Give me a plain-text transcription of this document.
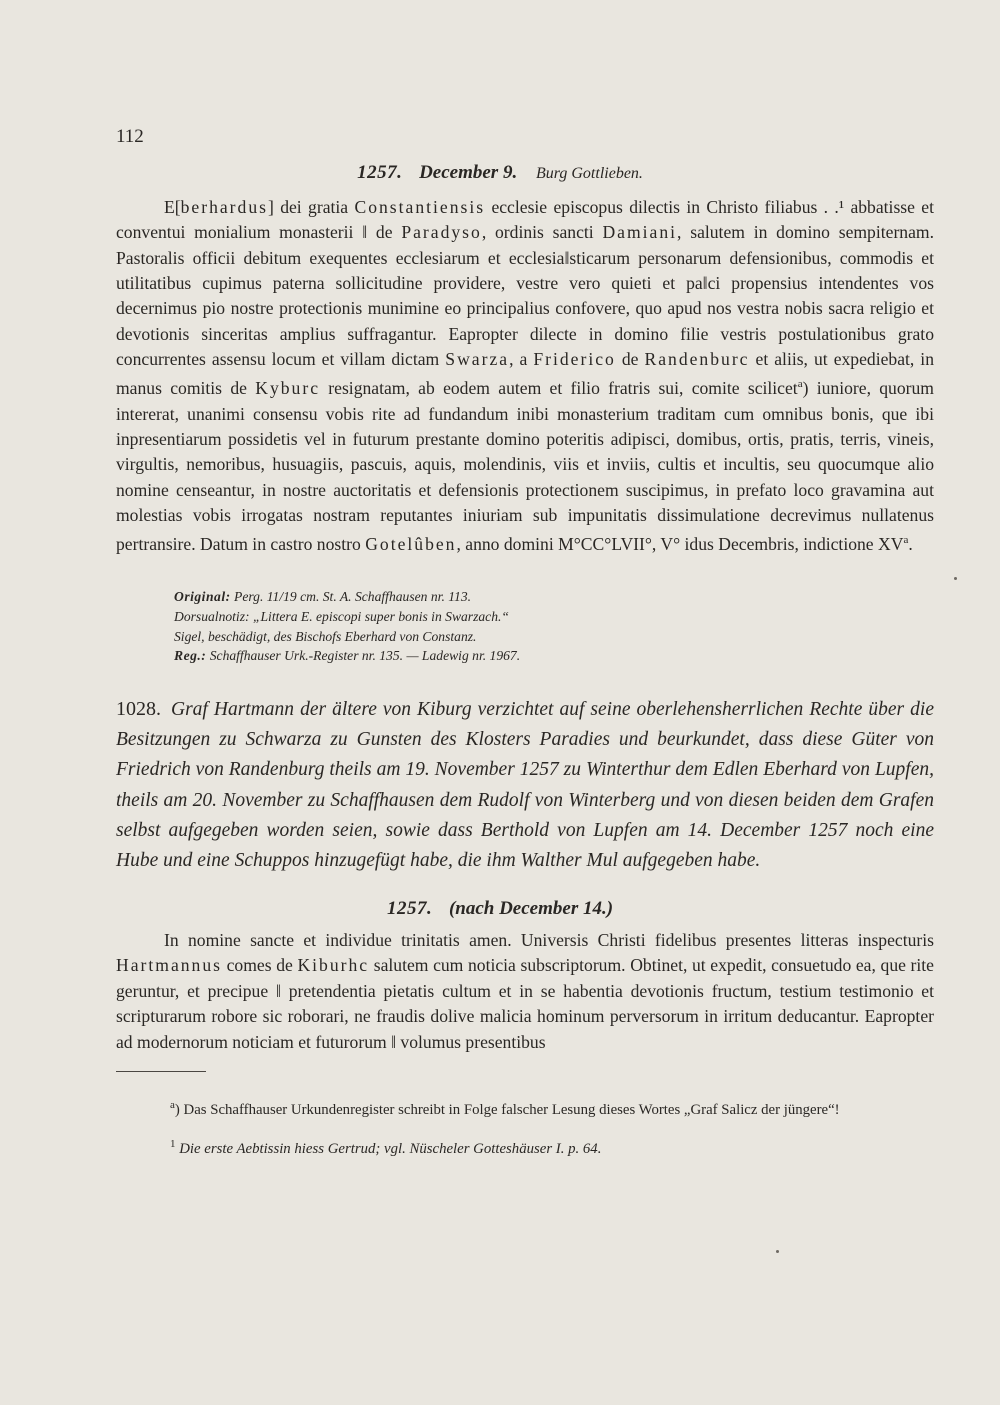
112
1257. December 9. Burg Gottlieben.

E[berhardus] dei gratia Constantiensis ecclesie episcopus dilectis in Christo filiabus . .¹ abbatisse et conventui monialium monasterii ‖ de Paradyso, ordinis sancti Damiani, salutem in domino sempiternam. Pastoralis officii debitum exequentes ecclesiarum et ecclesia‖sticarum personarum defensionibus, commodis et utilitatibus cupimus paterna sollicitudine providere, vestre vero quieti et pa‖ci propensius intendentes vos decernimus pio nostre protectionis munimine eo principalius confovere, quo apud nos vestra nobis sacra religio et devotionis sinceritas amplius suffragantur. Eapropter dilecte in domino filie vestris postulationibus grato concurrentes assensu locum et villam dictam Swarza, a Friderico de Randenburc et aliis, ut expediebat, in manus comitis de Kyburc resignatam, ab eodem autem et filio fratris sui, comite scilicet$^a$) iuniore, quorum intererat, unanimi consensu vobis rite ad fundandum inibi monasterium traditam cum omnibus bonis, que ibi inpresentiarum possidetis vel in futurum prestante domino poteritis adipisci, domibus, ortis, pratis, terris, vineis, virgultis, nemoribus, husuagiis, pascuis, aquis, molendinis, viis et inviis, cultis et incultis, seu quocumque alio nomine censeantur, in nostre auctoritatis et defensionis protectionem suscipimus, in prefato loco gravamina aut molestias vobis irrogatas nostram reputantes iniuriam sub impunitatis dissimulatione decrevimus nullatenus pertransire. Datum in castro nostro Gotelûben, anno domini M°CC°LVII°, V° idus Decembris, indictione $XV^a$.

Original: Perg. 11/19 cm. St. A. Schaffhausen nr. 113.
Dorsualnotiz: „Littera E. episcopi super bonis in Swarzach.“
Sigel, beschädigt, des Bischofs Eberhard von Constanz.
Reg.: Schaffhauser Urk.-Register nr. 135. — Ladewig nr. 1967.
1028. Graf Hartmann der ältere von Kiburg verzichtet auf seine oberlehensherrlichen Rechte über die Besitzungen zu Schwarza zu Gunsten des Klosters Paradies und beurkundet, dass diese Güter von Friedrich von Randenburg theils am 19. November 1257 zu Winterthur dem Edlen Eberhard von Lupfen, theils am 20. November zu Schaffhausen dem Rudolf von Winterberg und von diesen beiden dem Grafen selbst aufgegeben worden seien, sowie dass Berthold von Lupfen am 14. December 1257 noch eine Hube und eine Schuppos hinzugefügt habe, die ihm Walther Mul aufgegeben habe.
1257. (nach December 14.)

In nomine sancte et individue trinitatis amen. Universis Christi fidelibus presentes litteras inspecturis Hartmannus comes de Kiburhc salutem cum noticia subscriptorum. Obtinet, ut expedit, consuetudo ea, que rite geruntur, et precipue ‖ pretendentia pietatis cultum et in se habentia devotionis fructum, testium testimonio et scripturarum robore sic roborari, ne fraudis dolive malicia hominum perversorum in irritum deducantur. Eapropter ad modernorum noticiam et futurorum ‖ volumus presentibus

$^a$) Das Schaffhauser Urkundenregister schreibt in Folge falscher Lesung dieses Wortes „Graf Salicz der jüngere“!

$^1$ Die erste Aebtissin hiess Gertrud; vgl. Nüscheler Gotteshäuser I. p. 64.
